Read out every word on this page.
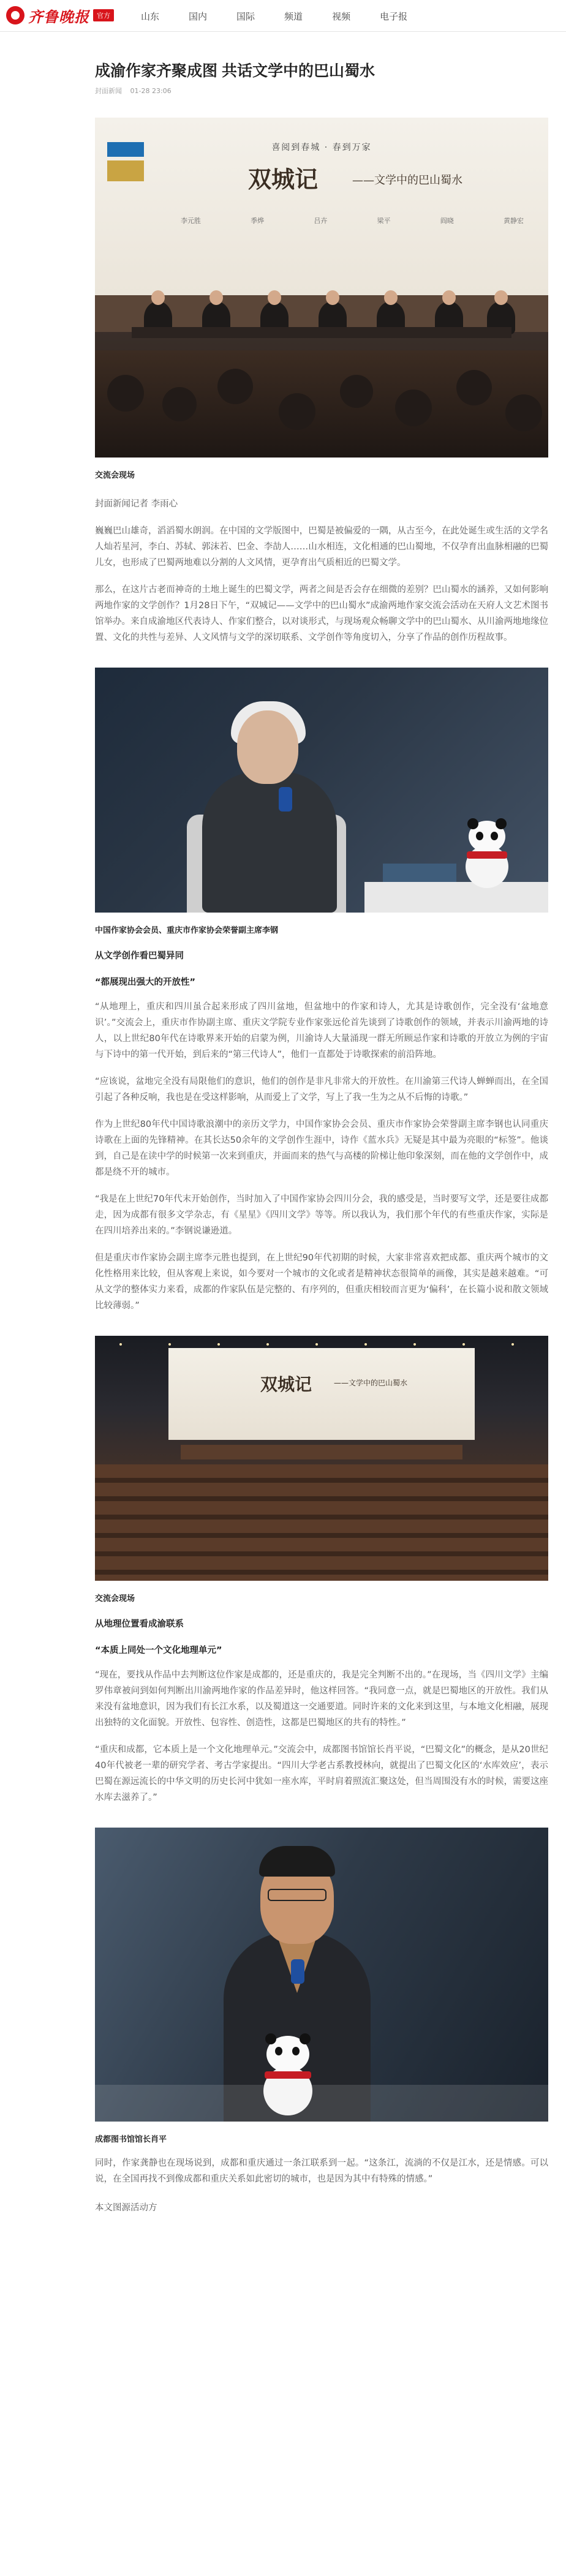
齐鲁晚报	官方	山东	国内	国际	频道	视频	电子报
成渝作家齐聚成图 共话文学中的巴山蜀水
封面新闻 01-28 23:06
喜阅到春城 · 春到万家
双城记	——文学中的巴山蜀水
李元胜	季烨	吕卉	梁平	阎晓	黄静宏
交流会现场

封面新闻记者 李雨心

巍巍巴山雄奇，滔滔蜀水朗润。在中国的文学版图中，巴蜀是被偏爱的一隅，从古至今，在此处诞生或生活的文学名人灿若星河，李白、苏轼、郭沫若、巴金、李劼人……山水相连，文化相通的巴山蜀地，不仅孕育出血脉相融的巴蜀儿女，也形成了巴蜀两地难以分割的人文风情，更孕育出气质相近的巴蜀文学。

那么，在这片古老而神奇的土地上诞生的巴蜀文学，两者之间是否会存在细微的差别？巴山蜀水的涵养，又如何影响两地作家的文学创作？1月28日下午，“双城记——文学中的巴山蜀水”成渝两地作家交流会活动在天府人文艺术图书馆举办。来自成渝地区代表诗人、作家们整合，以对谈形式，与现场观众畅聊文学中的巴山蜀水、从川渝两地地缘位置、文化的共性与差异、人文风情与文学的深切联系、文学创作等角度切入，分享了作品的创作历程故事。

中国作家协会会员、重庆市作家协会荣誉副主席李钢
从文学创作看巴蜀异同
“都展现出强大的开放性”

“从地理上，重庆和四川虽合起来形成了四川盆地，但盆地中的作家和诗人，尤其是诗歌创作，完全没有‘盆地意识’。”交流会上，重庆市作协副主席、重庆文学院专业作家张远伦首先谈到了诗歌创作的领域，并表示川渝两地的诗人，以上世纪80年代在诗歌界来开始的启蒙为例，川渝诗人大量涌现一群无所顾忌作家和诗歌的开放立为例的宇宙与下诗中的第一代开始，到后来的“第三代诗人”，他们一直都处于诗歌探索的前沿阵地。

“应该说，盆地完全没有局限他们的意识，他们的创作是非凡非常大的开放性。在川渝第三代诗人蝉蝉而出，在全国引起了各种反响，我也是在受这样影响，从而爱上了文学，写上了我一生为之从不后悔的诗歌。”

作为上世纪80年代中国诗歌浪潮中的亲历文学力，中国作家协会会员、重庆市作家协会荣誉副主席李钢也认同重庆诗歌在上面的先锋精神。在其长达50余年的文学创作生涯中，诗作《蓝水兵》无疑是其中最为亮眼的“标签”。他谈到，自己是在读中学的时候第一次来到重庆，并面而来的热气与高楼的阶梯让他印象深刻，而在他的文学创作中，成都是绕不开的城市。

“我是在上世纪70年代末开始创作，当时加入了中国作家协会四川分会，我的感受是，当时要写文学，还是要往成都走，因为成都有很多文学杂志，有《星星》《四川文学》等等。所以我认为，我们那个年代的有些重庆作家，实际是在四川培养出来的。”李钢说谦逊道。

但是重庆市作家协会副主席李元胜也提到，在上世纪90年代初期的时候，大家非常喜欢把成都、重庆两个城市的文化性格用来比较，但从客观上来说，如今要对一个城市的文化或者是精神状态很简单的画像，其实是越来越难。“可从文学的整体实力来看，成都的作家队伍是完整的、有序列的，但重庆相较而言更为‘偏科’，在长篇小说和散文领域比较薄弱。”

双城记	——文学中的巴山蜀水
交流会现场
从地理位置看成渝联系
“本质上同处一个文化地理单元”

“现在，要找从作品中去判断这位作家是成都的，还是重庆的，我是完全判断不出的。”在现场，当《四川文学》主编罗伟章被问到如何判断出川渝两地作家的作品差异时，他这样回答。“我同意一点，就是巴蜀地区的开放性。我们从来没有盆地意识，因为我们有长江水系，以及蜀道这一交通要道。同时许来的文化来到这里，与本地文化相融，展现出独特的文化面貌。开放性、包容性、创造性，这都是巴蜀地区的共有的特性。”

“重庆和成都，它本质上是一个文化地理单元。”交流会中，成都图书馆馆长肖平说，“巴蜀文化”的概念，是从20世纪40年代被老一辈的研究学者、考古学家提出。“四川大学老古系教授林向，就提出了巴蜀文化区的‘水库效应’，表示巴蜀在源远流长的中华文明的历史长河中犹如一座水库，平时肩着照流汇聚这处，但当周围没有水的时候，需要这座水库去滋养了。”

成都图书馆馆长肖平

同时，作家龚静也在现场说到，成都和重庆通过一条江联系到一起。“这条江，流淌的不仅是江水，还是情感。可以说，在全国再找不到像成都和重庆关系如此密切的城市，也是因为其中有特殊的情感。”

本文图源活动方
